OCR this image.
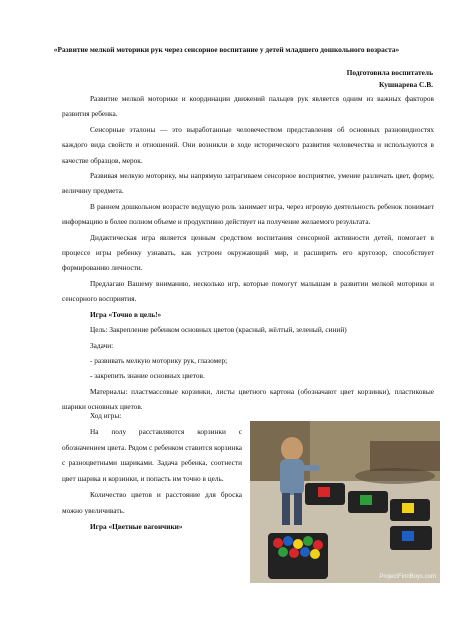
«Развитие мелкой моторики рук через сенсорное воспитание у детей младшего дошкольного возраста»
Подготовила воспитатель
Кушнарева С.В.

Развитие мелкой моторики и координации движений пальцев рук является одним из важных факторов развития ребенка.

Сенсорные эталоны — это выработанные человечеством представления об основных разновидностях каждого вида свойств и отношений. Они возникли в ходе исторического развития человечества и используются в качестве образцов, мерок.

Развивая мелкую моторику, мы напрямую затрагиваем сенсорное восприятие, умение различать цвет, форму, величину предмета.

В раннем дошкольном возрасте ведущую роль занимает игра, через игровую деятельность ребенок понимает информацию в более полном объеме и продуктивно действует на получение желаемого результата.

Дидактическая игра является ценным средством воспитания сенсорной активности детей, помогает в процессе игры ребенку узнавать, как устроен окружающий мир, и расширить его кругозор, способствует формированию личности.

Предлагаю Вашему вниманию, несколько игр, которые помогут малышам в развитии мелкой моторики и сенсорного восприятия.

Игра «Точно в цель!»

Цель: Закрепление ребенком основных цветов (красный, жёлтый, зеленый, синий)

Задачи:

- развивать мелкую моторику рук, глазомер;

- закрепить знание основных цветов.

Материалы: пластмассовые корзинки, листы цветного картона (обозначают цвет корзинки), пластиковые шарики основных цветов.

Ход игры:

На полу расставляются корзинки с обозначением цвета. Рядом с ребенком ставится корзинка с разноцветными шариками. Задача ребенка, соотнести цвет шарика и корзинки, и попасть им точно в цель.

Количество цветов и расстояние для броска можно увеличивать.

Игра «Цветные вагончики»

ProjectFinnBoys.com
